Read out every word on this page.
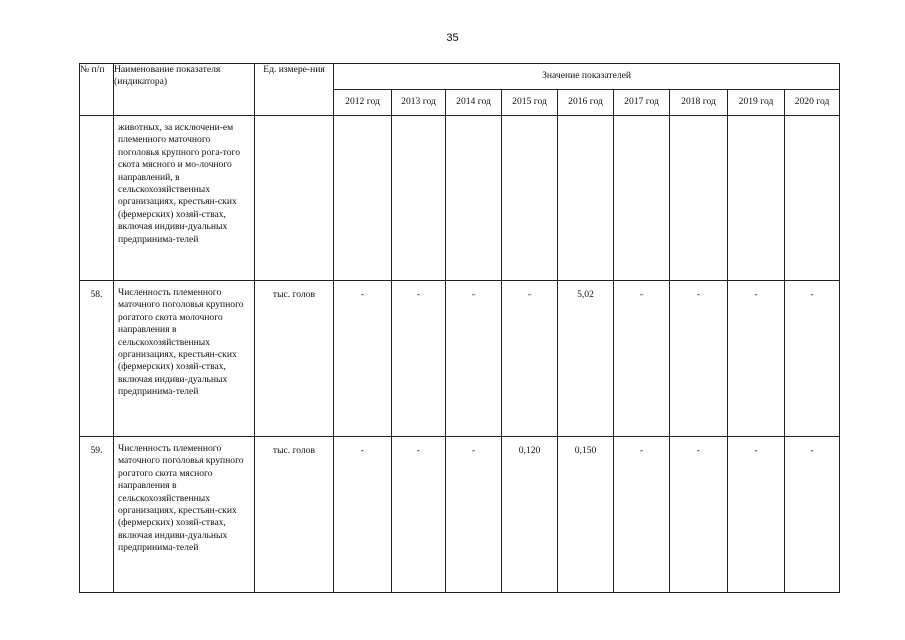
35
№ п/п	Наименование показателя (индикатора)	Ед. измере-ния	Значение показателей								
			2012 год	2013 год	2014 год	2015 год	2016 год	2017 год	2018 год	2019 год	2020 год
	животных, за исключени-ем племенного маточного поголовья крупного рога-того скота мясного и мо-лочного направлений, в сельскохозяйственных организациях, крестьян-ских (фермерских) хозяй-ствах, включая индиви-дуальных предпринима-телей										
58.	Численность племенного маточного поголовья крупного рогатого скота молочного направления в сельскохозяйственных организациях, крестьян-ских (фермерских) хозяй-ствах, включая индиви-дуальных предпринима-телей	тыс. голов	-	-	-	-	5,02	-	-	-	-
59.	Численность племенного маточного поголовья крупного рогатого скота мясного направления в сельскохозяйственных организациях, крестьян-ских (фермерских) хозяй-ствах, включая индиви-дуальных предпринима-телей	тыс. голов	-	-	-	0,120	0,150	-	-	-	-
